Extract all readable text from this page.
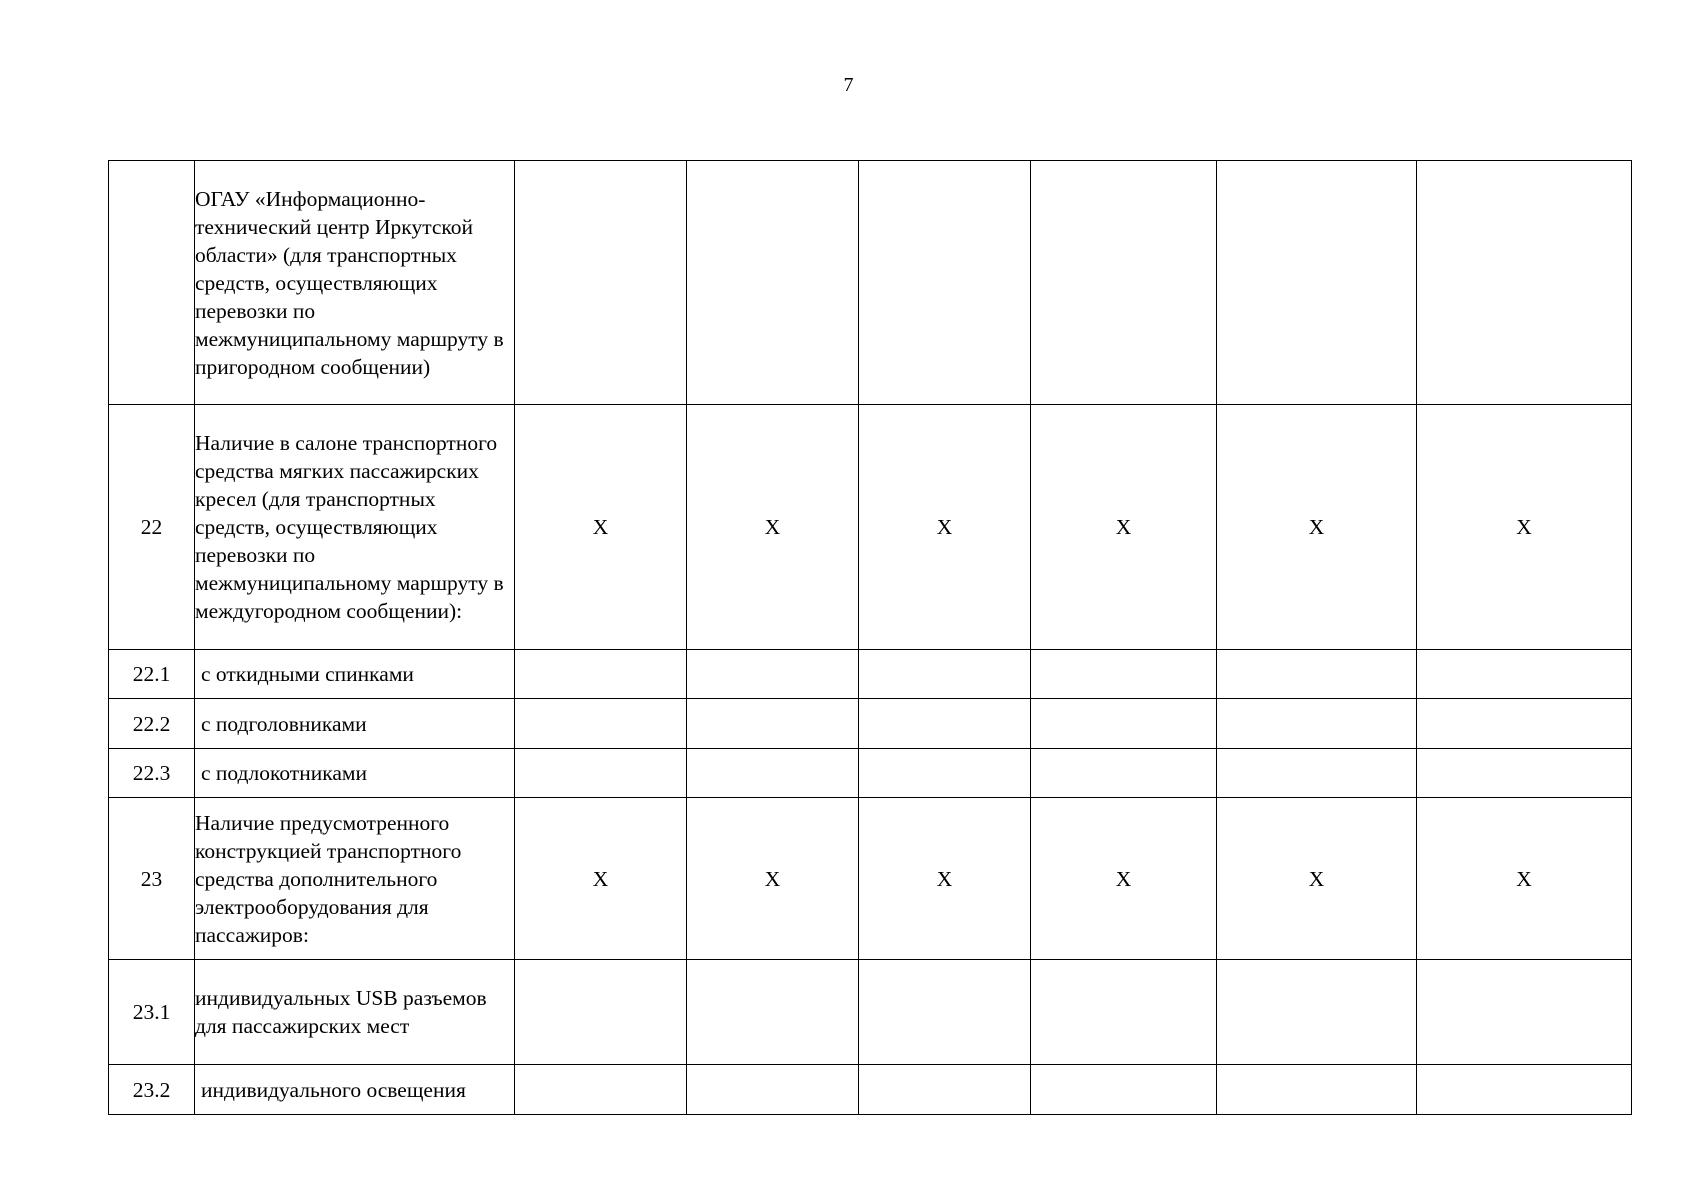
7
	ОГАУ «Информационно-технический центр Иркутской области» (для транспортных средств, осуществляющих перевозки по межмуниципальному маршруту в пригородном сообщении)						
22	Наличие в салоне транспортного средства мягких пассажирских кресел (для транспортных средств, осуществляющих перевозки по межмуниципальному маршруту в междугородном сообщении):	Х	Х	Х	Х	Х	Х
22.1	с откидными спинками						
22.2	с подголовниками						
22.3	с подлокотниками						
23	Наличие предусмотренного конструкцией транспортного средства дополнительного электрооборудования для пассажиров:	Х	Х	Х	Х	Х	Х
23.1	индивидуальных USB разъемов для пассажирских мест						
23.2	индивидуального освещения						
